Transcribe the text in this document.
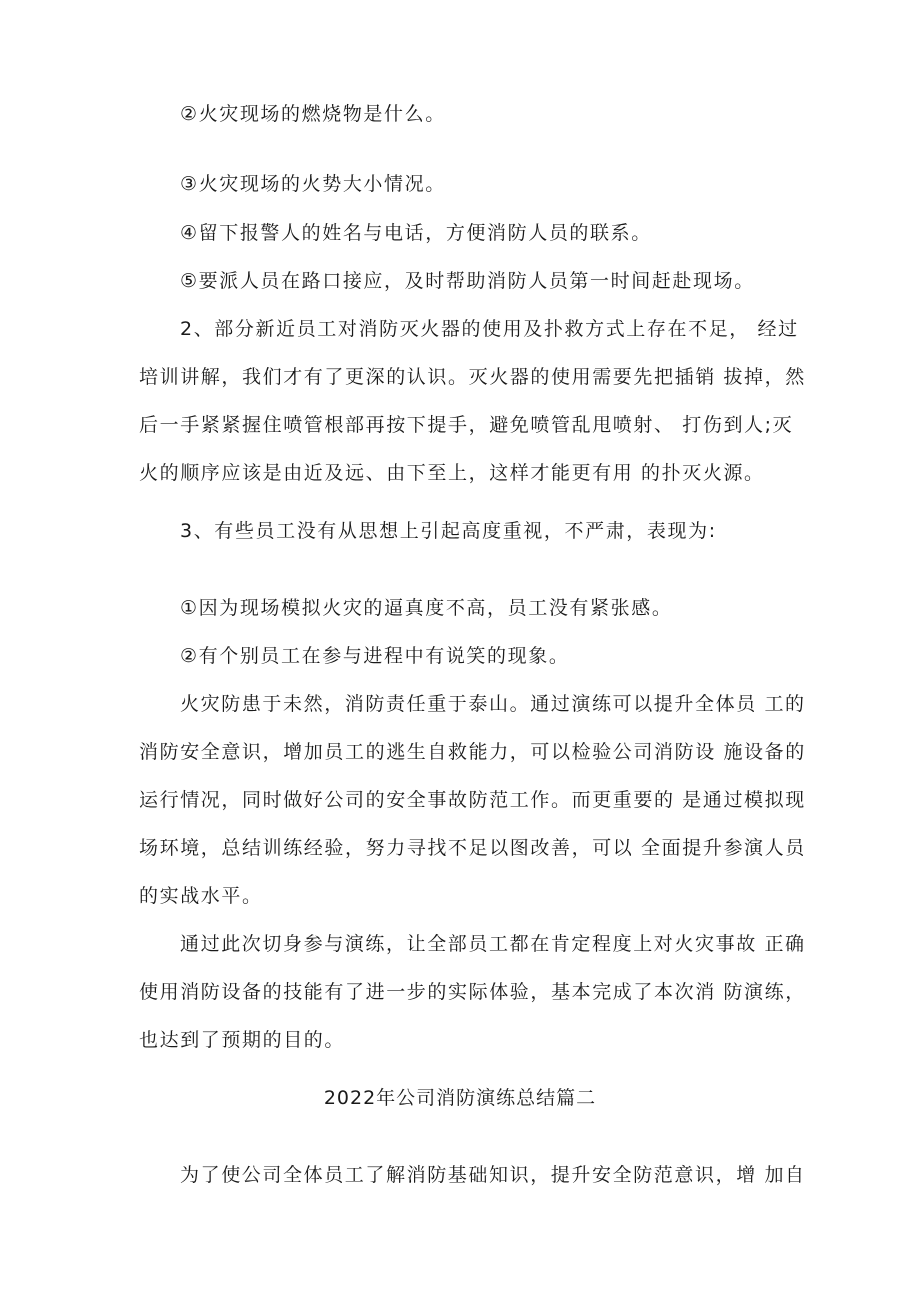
②火灾现场的燃烧物是什么。
③火灾现场的火势大小情况。
④留下报警人的姓名与电话，方便消防人员的联系。
⑤要派人员在路口接应，及时帮助消防人员第一时间赶赴现场。
2、部分新近员工对消防灭火器的使用及扑救方式上存在不足， 经过
培训讲解，我们才有了更深的认识。灭火器的使用需要先把插销 拔掉，然
后一手紧紧握住喷管根部再按下提手，避免喷管乱甩喷射、 打伤到人;灭
火的顺序应该是由近及远、由下至上，这样才能更有用 的扑灭火源。
3、有些员工没有从思想上引起高度重视，不严肃，表现为:
①因为现场模拟火灾的逼真度不高，员工没有紧张感。
②有个别员工在参与进程中有说笑的现象。
火灾防患于未然，消防责任重于泰山。通过演练可以提升全体员 工的
消防安全意识，增加员工的逃生自救能力，可以检验公司消防设 施设备的
运行情况，同时做好公司的安全事故防范工作。而更重要的 是通过模拟现
场环境，总结训练经验，努力寻找不足以图改善，可以 全面提升参演人员
的实战水平。
通过此次切身参与演练，让全部员工都在肯定程度上对火灾事故 正确
使用消防设备的技能有了进一步的实际体验，基本完成了本次消 防演练，
也达到了预期的目的。
2022年公司消防演练总结篇二
为了使公司全体员工了解消防基础知识，提升安全防范意识，增 加自
